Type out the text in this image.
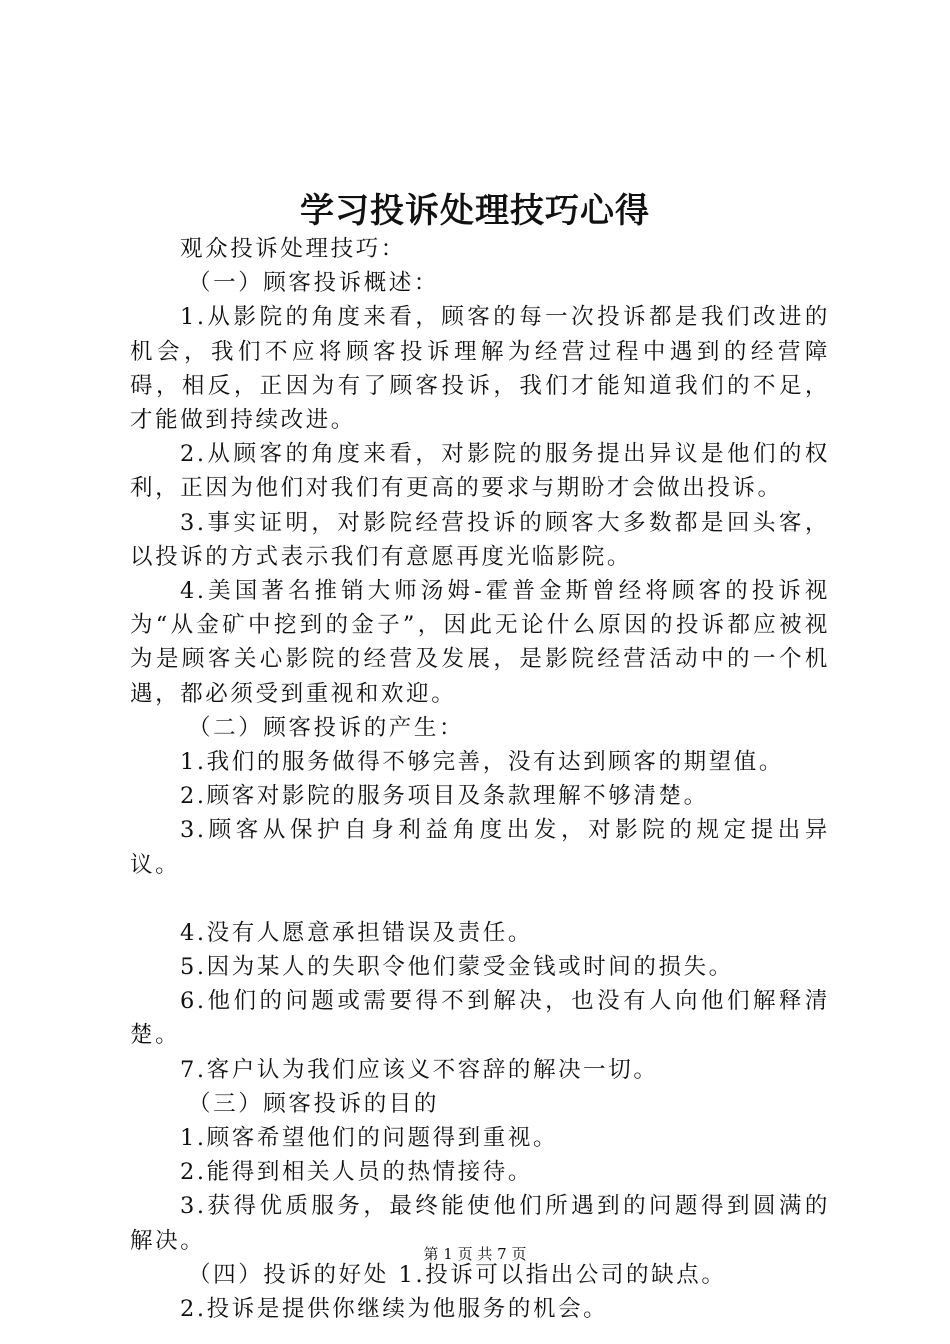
学习投诉处理技巧心得

观众投诉处理技巧：

（一）顾客投诉概述：

1.从影院的角度来看，顾客的每一次投诉都是我们改进的机会，我们不应将顾客投诉理解为经营过程中遇到的经营障碍，相反，正因为有了顾客投诉，我们才能知道我们的不足，才能做到持续改进。

2.从顾客的角度来看，对影院的服务提出异议是他们的权利，正因为他们对我们有更高的要求与期盼才会做出投诉。

3.事实证明，对影院经营投诉的顾客大多数都是回头客，以投诉的方式表示我们有意愿再度光临影院。

4.美国著名推销大师汤姆-霍普金斯曾经将顾客的投诉视为“从金矿中挖到的金子”，因此无论什么原因的投诉都应被视为是顾客关心影院的经营及发展，是影院经营活动中的一个机遇，都必须受到重视和欢迎。

（二）顾客投诉的产生：

1.我们的服务做得不够完善，没有达到顾客的期望值。

2.顾客对影院的服务项目及条款理解不够清楚。

3.顾客从保护自身利益角度出发，对影院的规定提出异议。

4.没有人愿意承担错误及责任。

5.因为某人的失职令他们蒙受金钱或时间的损失。

6.他们的问题或需要得不到解决，也没有人向他们解释清楚。

7.客户认为我们应该义不容辞的解决一切。

（三）顾客投诉的目的

1.顾客希望他们的问题得到重视。

2.能得到相关人员的热情接待。

3.获得优质服务，最终能使他们所遇到的问题得到圆满的解决。

（四）投诉的好处 1.投诉可以指出公司的缺点。

2.投诉是提供你继续为他服务的机会。

第 1 页 共 7 页
